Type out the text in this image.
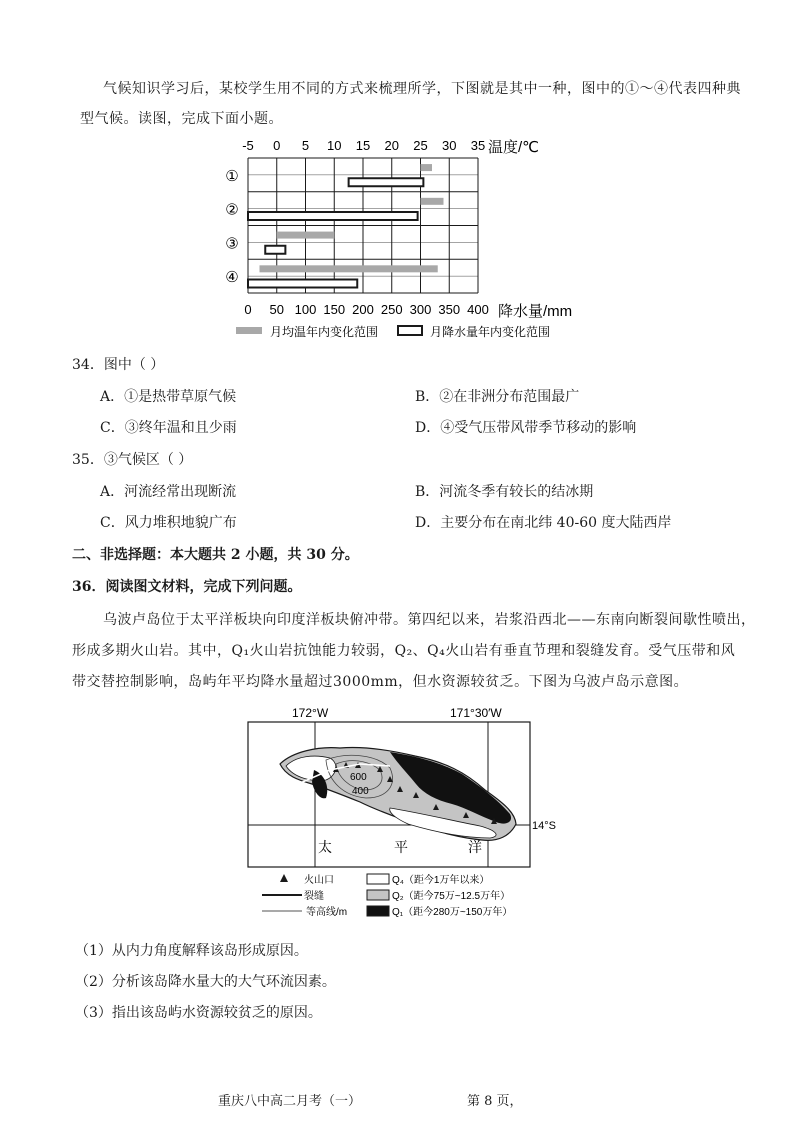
气候知识学习后，某校学生用不同的方式来梳理所学，下图就是其中一种，图中的①～④代表四种典
型气候。读图，完成下面小题。
-5 0 5 10 15 20 25 30 35 温度/℃
①
②
③
④
0 50 100 150 200 250 300 350 400 降水量/mm
月均温年内变化范围	月降水量年内变化范围
34．图中（ ）
A．①是热带草原气候	B．②在非洲分布范围最广
C．③终年温和且少雨	D．④受气压带风带季节移动的影响
35．③气候区（ ）
A．河流经常出现断流	B．河流冬季有较长的结冰期
C．风力堆积地貌广布	D．主要分布在南北纬 40-60 度大陆西岸
二、非选择题：本大题共 2 小题，共 30 分。
36．阅读图文材料，完成下列问题。
乌波卢岛位于太平洋板块向印度洋板块俯冲带。第四纪以来，岩浆沿西北——东南向断裂间歇性喷出，
形成多期火山岩。其中，Q₁火山岩抗蚀能力较弱，Q₂、Q₄火山岩有垂直节理和裂缝发育。受气压带和风
带交替控制影响，岛屿年平均降水量超过3000mm，但水资源较贫乏。下图为乌波卢岛示意图。
172°W	171°30′W
14°S
600
400
太	平	洋
火山口
裂缝
等高线/m
Q₄（距今1万年以来）
Q₂（距今75万~12.5万年）
Q₁（距今280万~150万年）
（1）从内力角度解释该岛形成原因。
（2）分析该岛降水量大的大气环流因素。
（3）指出该岛屿水资源较贫乏的原因。
重庆八中高二月考（一）	第 8 页，
